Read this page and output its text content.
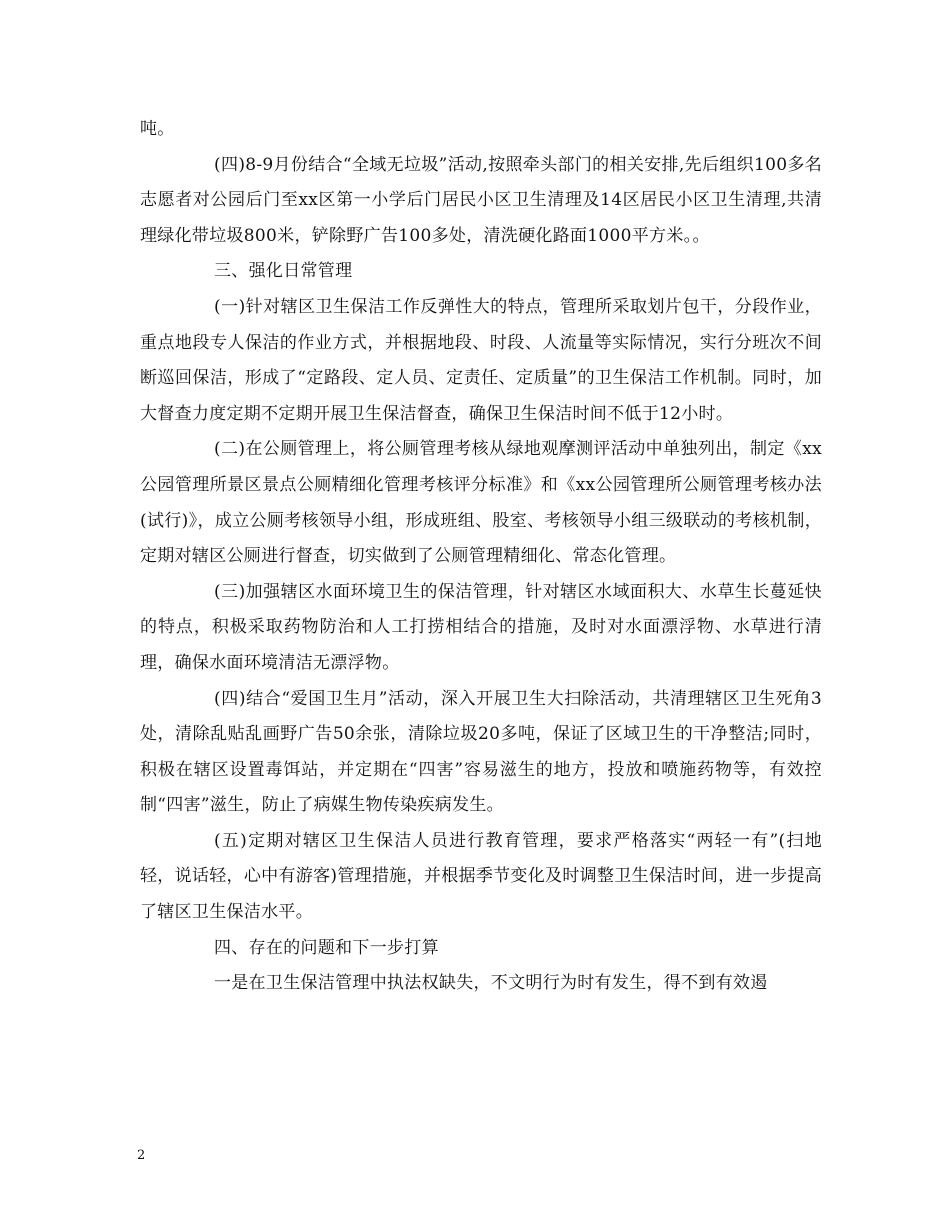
吨。

(四)8-9月份结合“全域无垃圾”活动,按照牵头部门的相关安排,先后组织100多名志愿者对公园后门至xx区第一小学后门居民小区卫生清理及14区居民小区卫生清理,共清理绿化带垃圾800米，铲除野广告100多处，清洗硬化路面1000平方米。。

三、强化日常管理

(一)针对辖区卫生保洁工作反弹性大的特点，管理所采取划片包干，分段作业，重点地段专人保洁的作业方式，并根据地段、时段、人流量等实际情况，实行分班次不间断巡回保洁，形成了“定路段、定人员、定责任、定质量”的卫生保洁工作机制。同时，加大督查力度定期不定期开展卫生保洁督查，确保卫生保洁时间不低于12小时。

(二)在公厕管理上，将公厕管理考核从绿地观摩测评活动中单独列出，制定《xx公园管理所景区景点公厕精细化管理考核评分标准》和《xx公园管理所公厕管理考核办法(试行)》，成立公厕考核领导小组，形成班组、股室、考核领导小组三级联动的考核机制，定期对辖区公厕进行督查，切实做到了公厕管理精细化、常态化管理。

(三)加强辖区水面环境卫生的保洁管理，针对辖区水域面积大、水草生长蔓延快的特点，积极采取药物防治和人工打捞相结合的措施，及时对水面漂浮物、水草进行清理，确保水面环境清洁无漂浮物。

(四)结合“爱国卫生月”活动，深入开展卫生大扫除活动，共清理辖区卫生死角3处，清除乱贴乱画野广告50余张，清除垃圾20多吨，保证了区域卫生的干净整洁;同时，积极在辖区设置毒饵站，并定期在“四害”容易滋生的地方，投放和喷施药物等，有效控制“四害”滋生，防止了病媒生物传染疾病发生。

(五)定期对辖区卫生保洁人员进行教育管理，要求严格落实“两轻一有”(扫地轻，说话轻，心中有游客)管理措施，并根据季节变化及时调整卫生保洁时间，进一步提高了辖区卫生保洁水平。

四、存在的问题和下一步打算

一是在卫生保洁管理中执法权缺失，不文明行为时有发生，得不到有效遏

2
